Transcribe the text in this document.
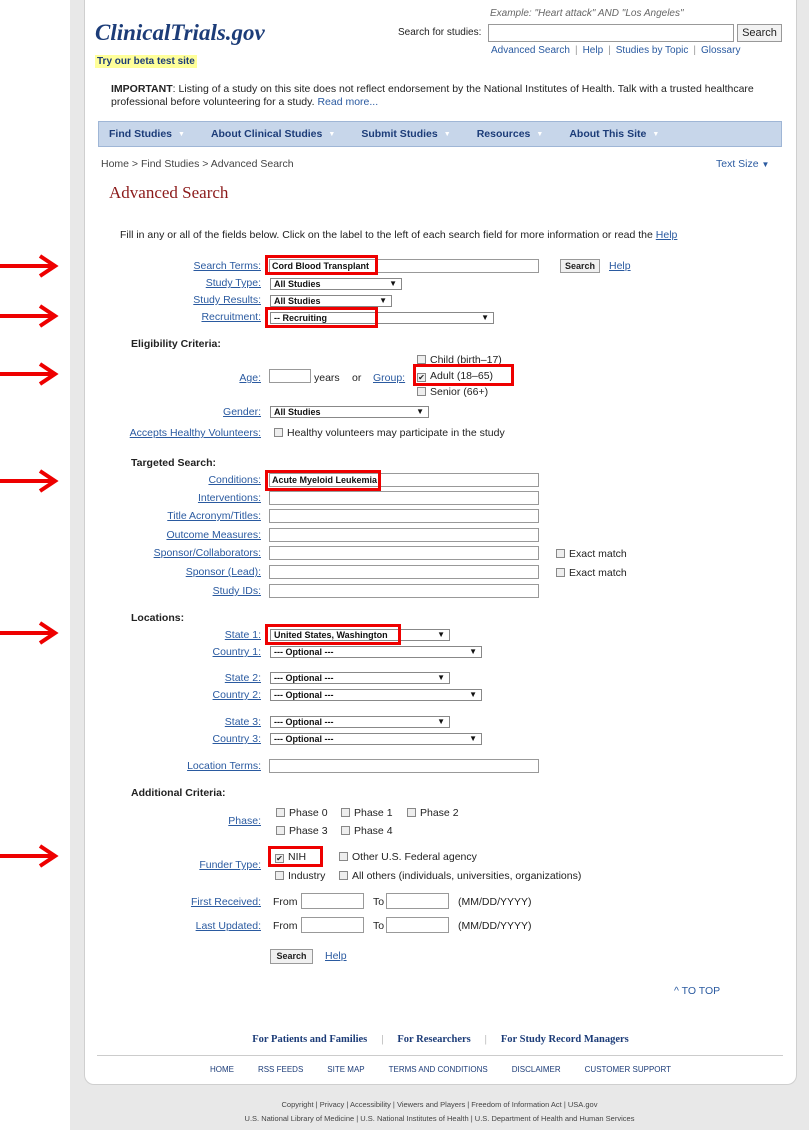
Example: "Heart attack" AND "Los Angeles"
ClinicalTrials.gov
Try our beta test site
Search for studies:	Search
Advanced Search | Help | Studies by Topic | Glossary
IMPORTANT: Listing of a study on this site does not reflect endorsement by the National Institutes of Health. Talk with a trusted healthcare professional before volunteering for a study. Read more...
Find Studies ▼ About Clinical Studies ▼ Submit Studies ▼ Resources ▼ About This Site ▼
Home > Find Studies > Advanced Search	Text Size ▼
Advanced Search
Fill in any or all of the fields below. Click on the label to the left of each search field for more information or read the Help
Search Terms:	Cord Blood Transplant	Search	Help
Study Type:	All Studies	▼
Study Results:	All Studies	▼
Recruitment:	-- Recruiting	▼
Eligibility Criteria:
Age:	years or Group:
Child (birth–17)
✔ Adult (18–65)
Senior (66+)
Gender:	All Studies	▼
Accepts Healthy Volunteers:	Healthy volunteers may participate in the study
Targeted Search:
Conditions:	Acute Myeloid Leukemia
Interventions:
Title Acronym/Titles:
Outcome Measures:
Sponsor/Collaborators:	Exact match
Sponsor (Lead):	Exact match
Study IDs:
Locations:
State 1:	United States, Washington	▼
Country 1:	--- Optional ---	▼
State 2:	--- Optional ---	▼
Country 2:	--- Optional ---	▼
State 3:	--- Optional ---	▼
Country 3:	--- Optional ---	▼
Location Terms:
Additional Criteria:
Phase:
Phase 0	Phase 1	Phase 2
Phase 3	Phase 4
Funder Type:
✔ NIH	Other U.S. Federal agency
Industry	All others (individuals, universities, organizations)
First Received: From	To	(MM/DD/YYYY)
Last Updated: From	To	(MM/DD/YYYY)
Search	Help
^ TO TOP
For Patients and Families | For Researchers | For Study Record Managers
HOME	RSS FEEDS	SITE MAP	TERMS AND CONDITIONS	DISCLAIMER	CUSTOMER SUPPORT
Copyright | Privacy | Accessibility | Viewers and Players | Freedom of Information Act | USA.gov
U.S. National Library of Medicine | U.S. National Institutes of Health | U.S. Department of Health and Human Services
